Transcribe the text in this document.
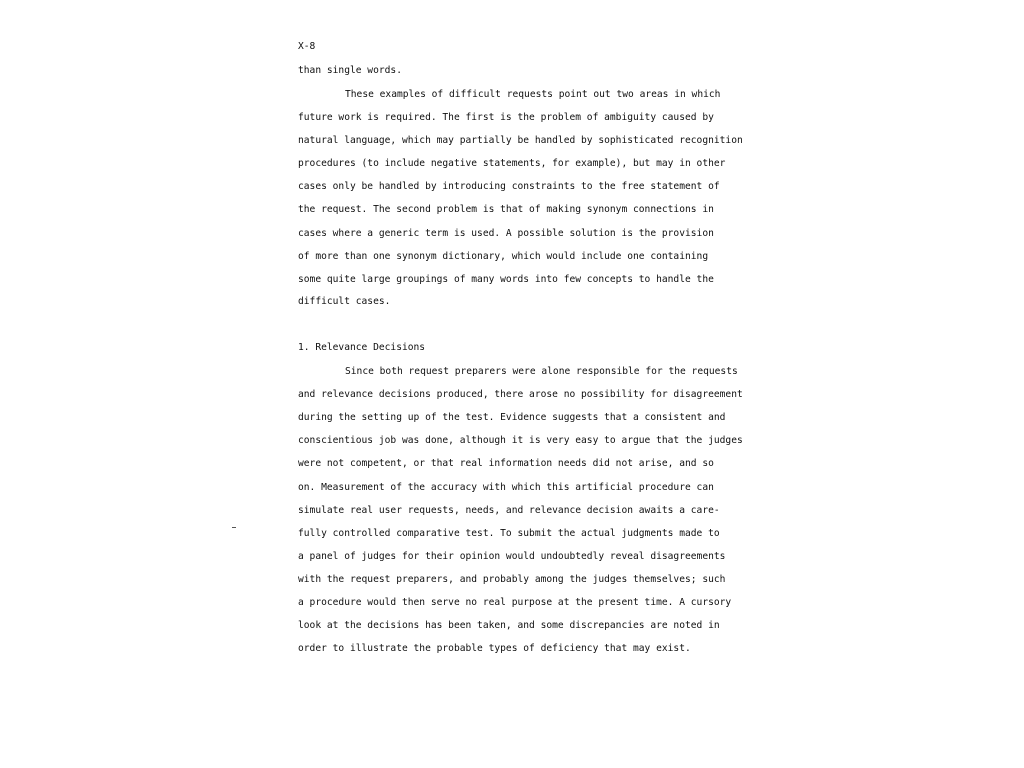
X-8
than single words.
These examples of difficult requests point out two areas in which
future work is required. The first is the problem of ambiguity caused by
natural language, which may partially be handled by sophisticated recognition
procedures (to include negative statements, for example), but may in other
cases only be handled by introducing constraints to the free statement of
the request. The second problem is that of making synonym connections in
cases where a generic term is used. A possible solution is the provision
of more than one synonym dictionary, which would include one containing
some quite large groupings of many words into few concepts to handle the
difficult cases.
1. Relevance Decisions
Since both request preparers were alone responsible for the requests
and relevance decisions produced, there arose no possibility for disagreement
during the setting up of the test. Evidence suggests that a consistent and
conscientious job was done, although it is very easy to argue that the judges
were not competent, or that real information needs did not arise, and so
on. Measurement of the accuracy with which this artificial procedure can
simulate real user requests, needs, and relevance decision awaits a care-
fully controlled comparative test. To submit the actual judgments made to
a panel of judges for their opinion would undoubtedly reveal disagreements
with the request preparers, and probably among the judges themselves; such
a procedure would then serve no real purpose at the present time. A cursory
look at the decisions has been taken, and some discrepancies are noted in
order to illustrate the probable types of deficiency that may exist.
